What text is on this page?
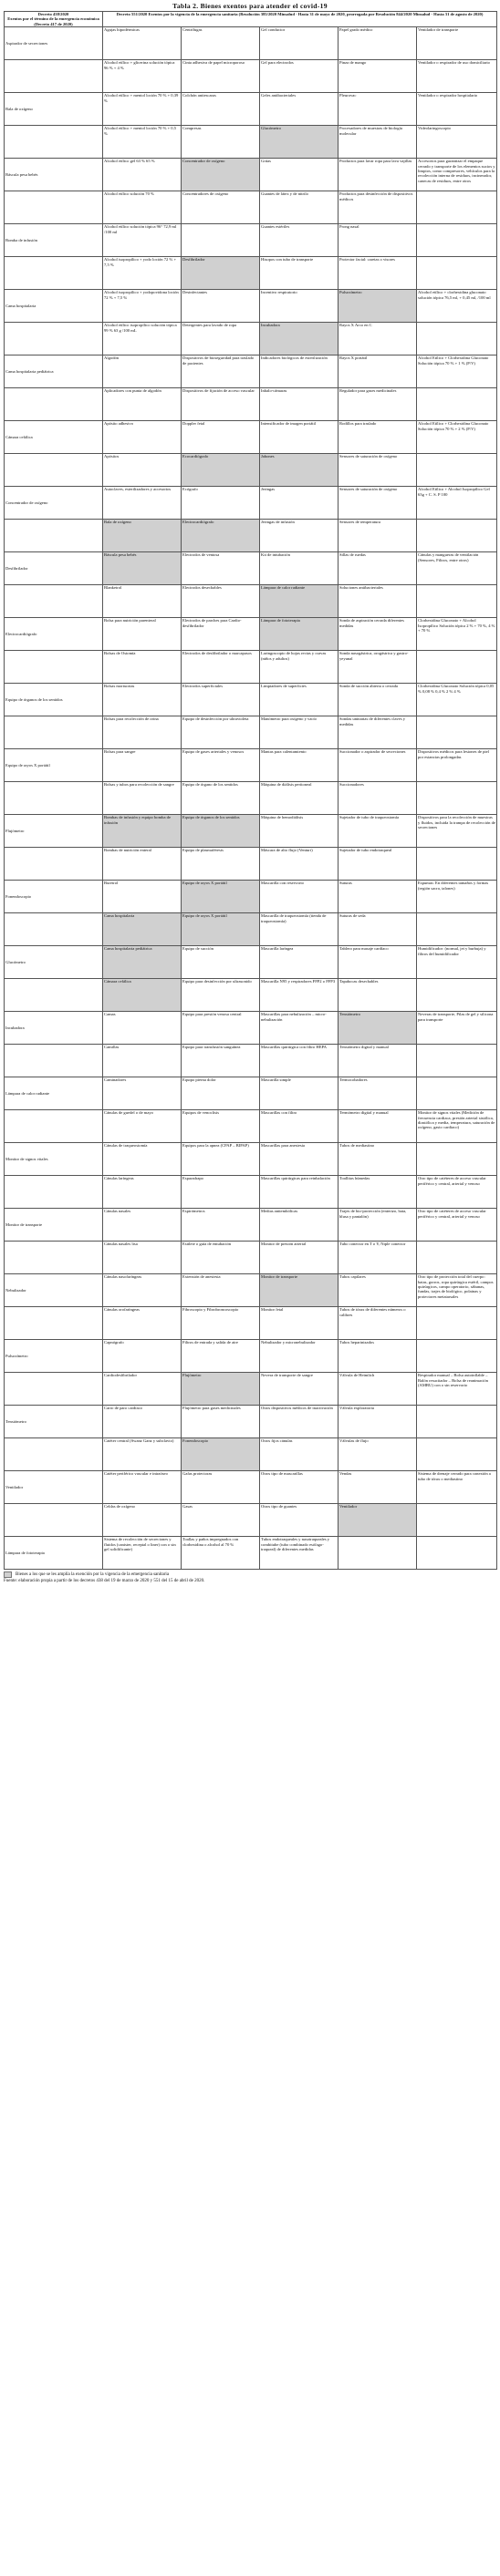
Tabla 2. Bienes exentos para atender el covid-19
Decreto 438/2020
Exentos por el término de la emergencia económica
(Decreto 417 de 2020)	Decreto 551/2020 Exentos por la vigencia de la emergencia sanitaria (Resolución 385/2020 Minsalud - Hasta 31 de mayo de 2020, prorrogada por Resolución 844/2020 Minsalud - Hasta 31 de agosto de 2020)				
Aspirador de secreciones	Agujas hipodérmicas	Centrífugas	Gel conductor	Papel grado médico	Ventilador de transporte
	Alcohol etílico + glicerina solución tópica 96 % + 4 %	Cinta adhesiva de papel microporoso	Gel para electrodos	Pinza de mango	Ventilador o respirador de uso domiciliario
Bala de oxígeno	Alcohol etílico + mentol loción 70 % + 0,39 %	Colchón antiescaras	Geles antibacteriales	Pleurovac	Ventilador o respirador hospitalario
	Alcohol etílico + mentol loción 70 % + 0,5 %	Compresas	Glucómetro	Procesadores de muestras de biología molecular	Videolaringoscopio
Báscula pesa bebés	Alcohol etílico gel 63 % 65 %	Concentrador de oxígeno	Grúas	Productos para lavar ropa para lava vajillas	Accesorios para garantizar el empaque cerrado y transporte de los elementos sucios y limpios, como compresores, vehículos para la recolección interna de residuos, incinerador, canecas de residuos, entre otros
	Alcohol etílico solución 70 %	Concentradores de oxígeno	Guantes de látex y de nitrilo	Productos para desinfección de dispositivos médicos	
Bomba de infusión	Alcohol etílico solución tópica 96° 72,9 ml /100 ml		Guantes estériles	Prong nasal	
	Alcohol isopropílico + yodo loción 72 % + 7,5 %	Desfibrilador	Hisopos con tubo de transporte	Protector facial: caretas o visores	
Cama hospitalaria	Alcohol isopropílico + yodopovidona loción 72 % + 7,5 %	Desinfectantes	Incentivo respiratorio	Pulsoxímetro	Alcohol etílico + clorhexidina gluconato solución tópica 76,5 ml, + 0,45 ml, /100 ml
	Alcohol etílico isopropílico solución tópica 99 % 63 g /100 mL	Detergentes para lavado de ropa	Incubadora	Rayos X Arco en C	
Cama hospitalaria pediátrica	Algodón	Dispositivos de bioseguridad para traslado de pacientes	Indicadores biológicos de esterilización	Rayos X portátil	Alcohol Etílico + Clorhexidina Gluconato Solución tópica 70 % + 1 % (P/V)
	Aplicadores con punta de algodón	Dispositivos de fijación de acceso vascular	Inhalo-cámaras	Regulador para gases medicinales	
Cámara cefálica	Apósito adhesivo	Doppler fetal	Intensificador de imagen portátil	Rodillos para traslado	Alcohol Etílico + Clorhexidina Gluconato Solución tópica 70 % + 2 % (P/V)
	Apósitos	Ecocardiógrafo	Jabones	Sensores de saturación de oxígeno	
Concentrador de oxígeno	Autoclaves, esterilizadores y accesorios	Ecógrafo	Jeringas	Sensores de saturación de oxígeno	Alcohol Etílico + Alcohol Isopropílico Gel 63g + C. S. P 100
	Bala de oxígeno	Electrocardiógrafo	Jeringas de infusión	Sensores de temperatura	
Desfibrilador	Báscula pesa bebés	Electrodos de ventosa	Kit de intubación	Sillas de ruedas	Cánulas y mangueras de ventilación (Sensores, Filtros, entre otros)
	Blanketrol	Electrodos desechables	Lámpara de calor radiante	Soluciones antibacteriales	
Electrocardiógrafo	Bolsa para nutrición parenteral	Electrodos de parches para Cardio-desfibrilador	Lámpara de fototerapia	Sonda de aspiración cerrada diferentes medidas	Clorhexidina Gluconato + Alcohol Isopropílico Solución tópica 2 % + 70 %, 4 % + 70 %
	Bolsas de Ostomía	Electrodos de desfibrilador o marcapasos	Laringoscopio de hojas rectas y curvas (niños y adultos)	Sonda nasogástrica, orogástrica y gastro-yeyunal	
Equipo de órganos de los sentidos	Bolsas mortuorias	Electrodos superficiales	Limpiadores de superficies	Sonda de succión abierta o cerrada	Clorhexidina Gluconato Solución tópica 0,05 % 0,08 % 0,4 % 2 % 4 %
	Bolsas para recolección de orina	Equipo de desinfección por ultravioleta	Manómetro para oxígeno y vacío	Sondas uninarias de diferentes claves y medidas	
Equipo de rayos X portátil	Bolsas para sangre	Equipo de gases arteriales y venosos	Mantas para calentamiento	Succionador o aspirador de secreciones	Dispositivos médicos para lesiones de piel por estancias prolongadas
	Bolsas y tubos para recolección de sangre	Equipo de órgano de los sentidos	Máquina de diálisis peritoneal	Succionadores	
Flujómetro	Bombas de infusión y equipo bomba de infusión	Equipo de órganos de los sentidos	Máquina de hemodiálisis	Sujetador de tubo de traqueostomía	Dispositivos para la recolección de muestras y fluidos, incluida la trampa de recolección de secreciones
	Bombas de nutrición enteral	Equipo de plasmaféresis	Máscara de alto flujo (Venturi)	Sujetador de tubo endotraqueal	
Fonendoscopio	Buretrol	Equipo de rayos X portátil	Mascarilla con reservorio	Suturas	Espumas: En diferentes tamaños y formas (región sacra, talones)
	Cama hospitalaria	Equipo de rayos X portátil	Mascarilla de traqueostomía (tienda de traqueostomía)	Suturas de seda	
Glucómetro	Cama hospitalaria pediátrica	Equipo de succión	Mascarilla laríngea	Tablero para masaje cardíaco	Humidificador: (normal, jet y burbuja) y filtros del humidificador
	Cámara cefálica	Equipo para desinfección por ultrasonido	Mascarilla N95 y respiradores FFP2 o FFP3	Tapabocas desechables	
Incubadora	Camas	Equipo para presión venosa central	Mascarillas para nebulización – micro-nebulización	Tensiómetro	Neveras de transporte, Pilas de gel y silicona para transporte
	Camillas	Equipo para transfusión sanguínea	Mascarillas quirúrgica con filtro HEPA	Tensiómetro digital y manual	
Lámpara de calor radiante	Caminadores	Equipo pierna dolor	Mascarilla simple	Termocobadores	
	Cánulas de guedel o de mayo	Equipos de venoclisis	Mascarillas con filtro	Termómetro digital y manual	Monitor de signos vitales (Medición de frecuencia cardiaca, presión arterial sistólica, diastólica y media, temperatura, saturación de oxígeno, gasto cardiaco)
Monitor de signos vitales	Cánulas de traqueostomía	Equipos para la apnea (CPAP – BIPAP)	Mascarillas para anestesia	Tubos de mediastino	
	Cánulas laríngeas	Esparadrapo	Mascarillas quirúrgicas para reinhalación	Toallitas húmedas	Otro tipo de catéteres de acceso vascular periférico y central, arterial y venoso
Monitor de transporte	Cánulas nasales	Espirómetros	Medias antiembólicas	Trajes de bio-protección (enterizo, bata, blusa y pantalón)	Otro tipo de catéteres de acceso vascular periférico y central, arterial y venoso
	Cánulas nasales lisa	Estilete o guía de entubación	Monitor de presión arterial	Tubo conector en T o Y, Niple conector	
Nebulizador	Cánulas nasofaríngeas	Extensión de anestesia	Monitor de transporte	Tubos capilares	Otro tipo de protección total del cuerpo: batas, gorros, ropa quirúrgica estéril, campos quirúrgicos, campo operatorio, sábanas, fundas, trajes de biológico, polainas y protectores metatarsales
	Cánulas orofaríngeas	Fibroscopio y Fibrobroncoscopio	Monitor fetal	Tubos de tórax de diferentes números o calibres	
Pulsoxímetro	Capnógrafo	Filtros de entrada y salida de aire	Nebulizador y micronebulizador	Tubos heparinizados	
	Cardiodesfibrilador	Flujómetro	Nevera de transporte de sangre	Válvula de Heimlich	Respirador manual – Bolsa autoinflable – Balón resucitador – Bolsa de reanimación (AMBU) con o sin reservorio
Tensiómetro	Carro de paro cardíaco	Flujómetro para gases medicinales	Otros dispositivos médicos de inactivación	Válvula exploratoria	
	Catéter central (Swanz Ganz y subclavio)	Fonendoscopio	Otros fijos cánulas	Válvulas de flujo	
Ventilador	Catéter periférico vascular e intraóseo	Gafas protectoras	Otros tipo de mascarillas	Vendas	Sistema de drenaje cerrado para conexión a tubo de tórax o mediastino
	Celdas de oxígeno	Gasas	Otros tipo de guantes	Ventilador	
Lámpara de fototerapia	Sistema de recolección de secreciones y fluidos (canister, receptal o liner) con o sin gel solidificante)	Toallas y paños impregnados con clorhexidina o alcohol al 70 %	Tubos endotraqueales y nasotraqueales y combitube (tubo combinado esófago-traqueal) de diferentes medidas		
Bienes a los que se les amplía la exención por la vigencia de la emergencia sanitaria
Fuente: elaboración propia a partir de los decretos 438 del 19 de marzo de 2020 y 551 del 15 de abril de 2020.
